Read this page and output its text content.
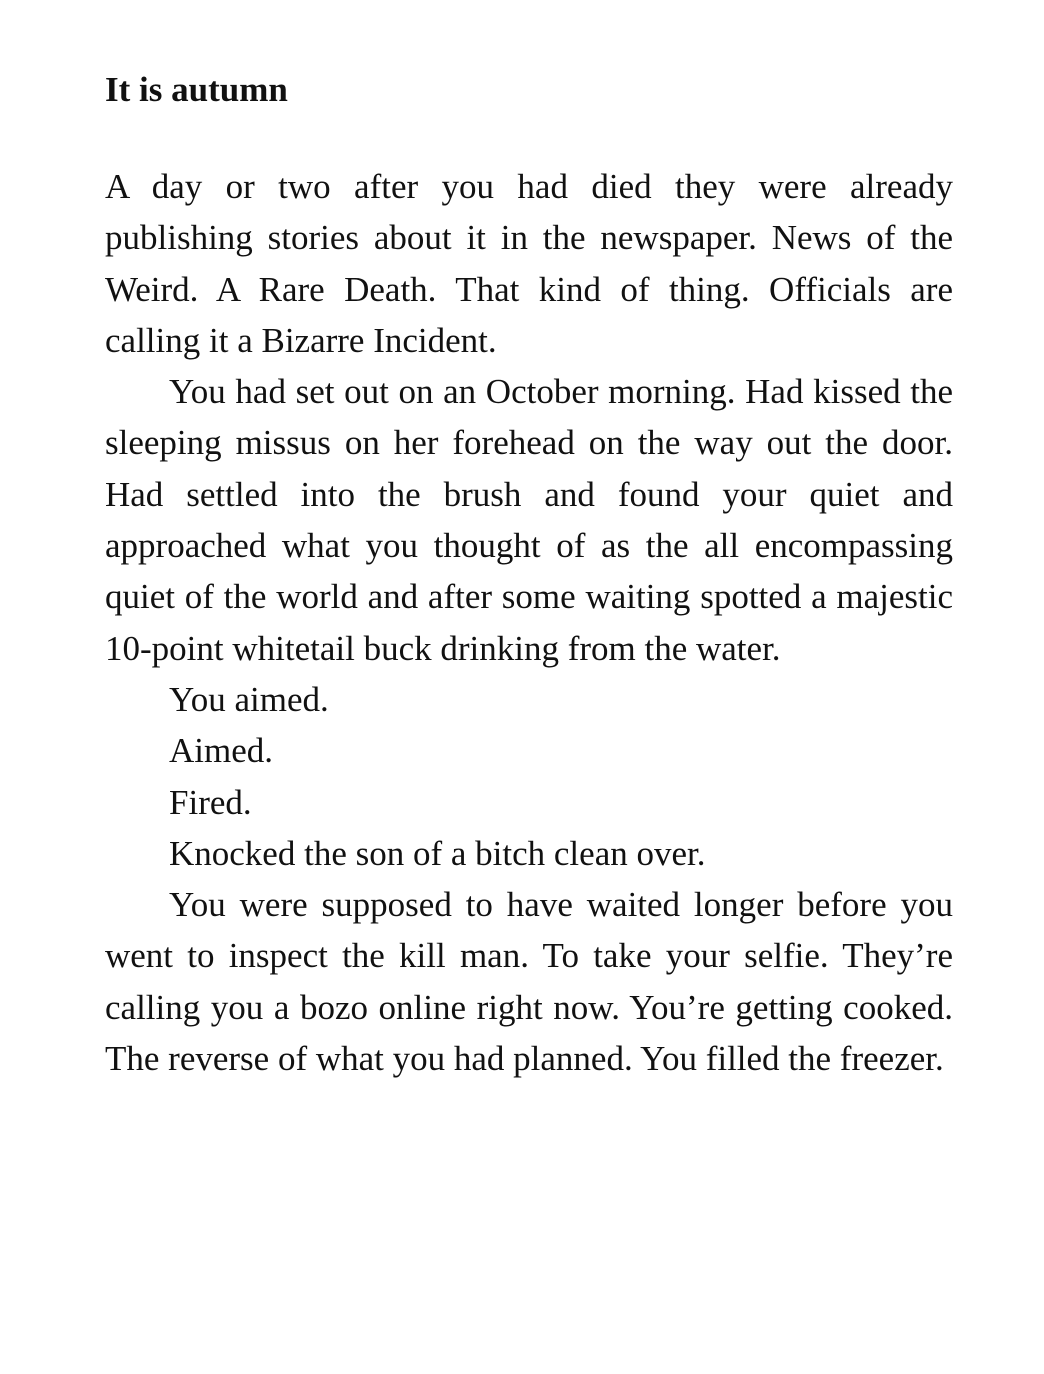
It is autumn

A day or two after you had died they were already publishing stories about it in the newspaper. News of the Weird. A Rare Death. That kind of thing. Officials are calling it a Bizarre Incident.

You had set out on an October morning. Had kissed the sleeping missus on her forehead on the way out the door. Had settled into the brush and found your quiet and approached what you thought of as the all encompassing quiet of the world and after some waiting spotted a majestic 10-point whitetail buck drinking from the water.

You aimed.

Aimed.

Fired.

Knocked the son of a bitch clean over.

You were supposed to have waited longer before you went to inspect the kill man. To take your selfie. They’re calling you a bozo online right now. You’re getting cooked. The reverse of what you had planned. You filled the freezer.
